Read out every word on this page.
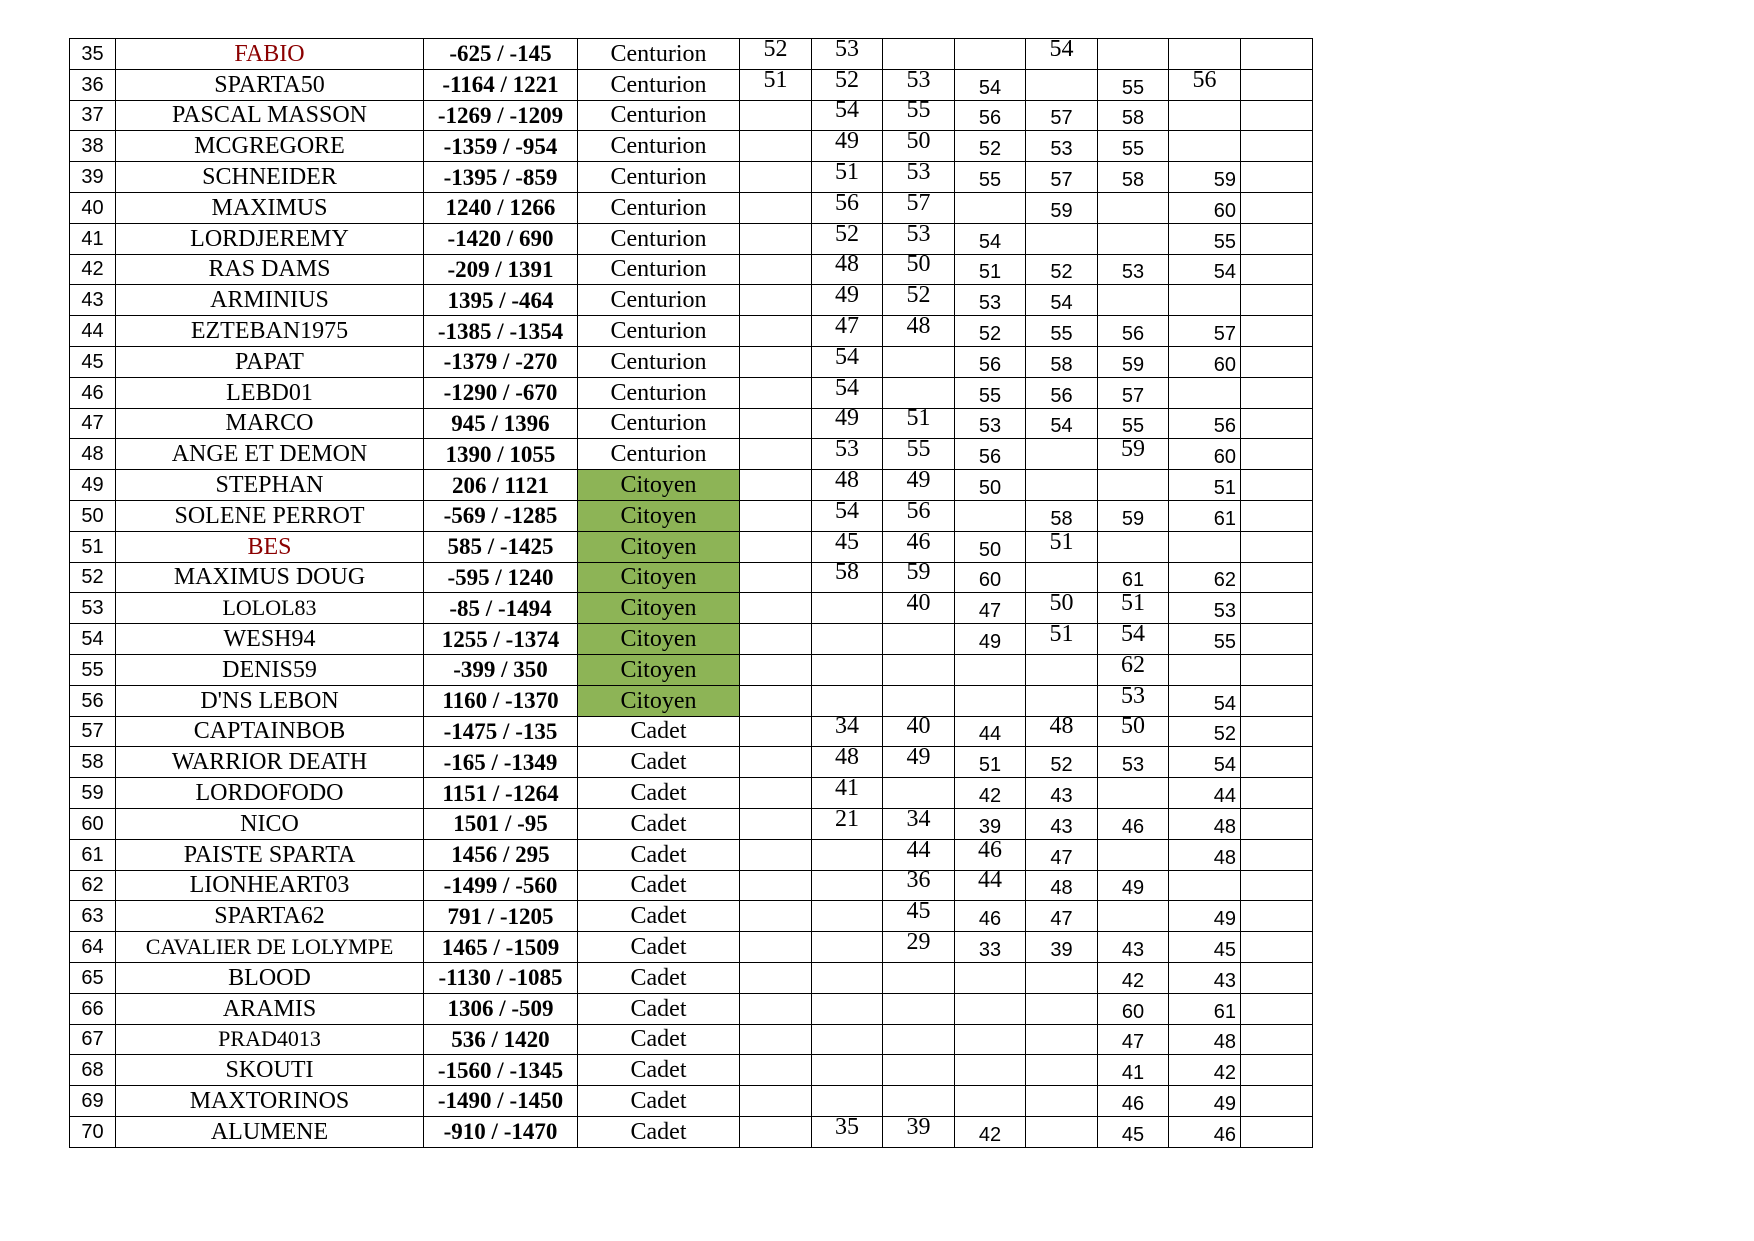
35	FABIO	-625 / -145	Centurion	52	53			54			

36	SPARTA50	-1164 / 1221	Centurion	51	52	53	54		55	56	

37	PASCAL MASSON	-1269 / -1209	Centurion		54	55	56	57	58		

38	MCGREGORE	-1359 / -954	Centurion		49	50	52	53	55		

39	SCHNEIDER	-1395 / -859	Centurion		51	53	55	57	58	59	

40	MAXIMUS	1240 / 1266	Centurion		56	57		59		60	

41	LORDJEREMY	-1420 / 690	Centurion		52	53	54			55	

42	RAS DAMS	-209 / 1391	Centurion		48	50	51	52	53	54	

43	ARMINIUS	1395 / -464	Centurion		49	52	53	54			

44	EZTEBAN1975	-1385 / -1354	Centurion		47	48	52	55	56	57	

45	PAPAT	-1379 / -270	Centurion		54		56	58	59	60	

46	LEBD01	-1290 / -670	Centurion		54		55	56	57		

47	MARCO	945 / 1396	Centurion		49	51	53	54	55	56	

48	ANGE ET DEMON	1390 / 1055	Centurion		53	55	56		59	60	

49	STEPHAN	206 / 1121	Citoyen		48	49	50			51	

50	SOLENE PERROT	-569 / -1285	Citoyen		54	56		58	59	61	

51	BES	585 / -1425	Citoyen		45	46	50	51			

52	MAXIMUS DOUG	-595 / 1240	Citoyen		58	59	60		61	62	

53	LOLOL83	-85 / -1494	Citoyen			40	47	50	51	53	

54	WESH94	1255 / -1374	Citoyen				49	51	54	55	

55	DENIS59	-399 / 350	Citoyen						62		

56	D'NS LEBON	1160 / -1370	Citoyen						53	54	

57	CAPTAINBOB	-1475 / -135	Cadet		34	40	44	48	50	52	

58	WARRIOR DEATH	-165 / -1349	Cadet		48	49	51	52	53	54	

59	LORDOFODO	1151 / -1264	Cadet		41		42	43		44	

60	NICO	1501 / -95	Cadet		21	34	39	43	46	48	

61	PAISTE SPARTA	1456 / 295	Cadet			44	46	47		48	

62	LIONHEART03	-1499 / -560	Cadet			36	44	48	49		

63	SPARTA62	791 / -1205	Cadet			45	46	47		49	

64	CAVALIER DE LOLYMPE	1465 / -1509	Cadet			29	33	39	43	45	

65	BLOOD	-1130 / -1085	Cadet						42	43	

66	ARAMIS	1306 / -509	Cadet						60	61	

67	PRAD4013	536 / 1420	Cadet						47	48	

68	SKOUTI	-1560 / -1345	Cadet						41	42	

69	MAXTORINOS	-1490 / -1450	Cadet						46	49	

70	ALUMENE	-910 / -1470	Cadet		35	39	42		45	46	
